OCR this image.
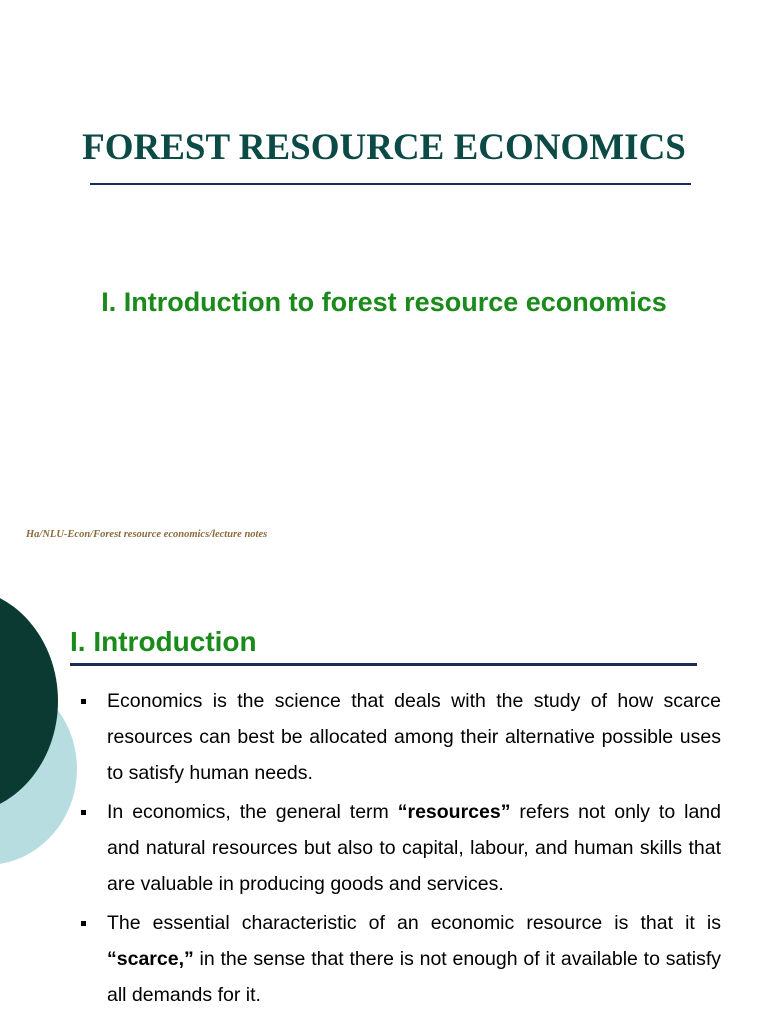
FOREST RESOURCE ECONOMICS
I. Introduction to forest resource economics
Ha/NLU-Econ/Forest resource economics/lecture notes
I. Introduction
Economics is the science that deals with the study of how scarce resources can best be allocated among their alternative possible uses to satisfy human needs.
In economics, the general term “resources” refers not only to land and natural resources but also to capital, labour, and human skills that are valuable in producing goods and services.
The essential characteristic of an economic resource is that it is “scarce,” in the sense that there is not enough of it available to satisfy all demands for it.
